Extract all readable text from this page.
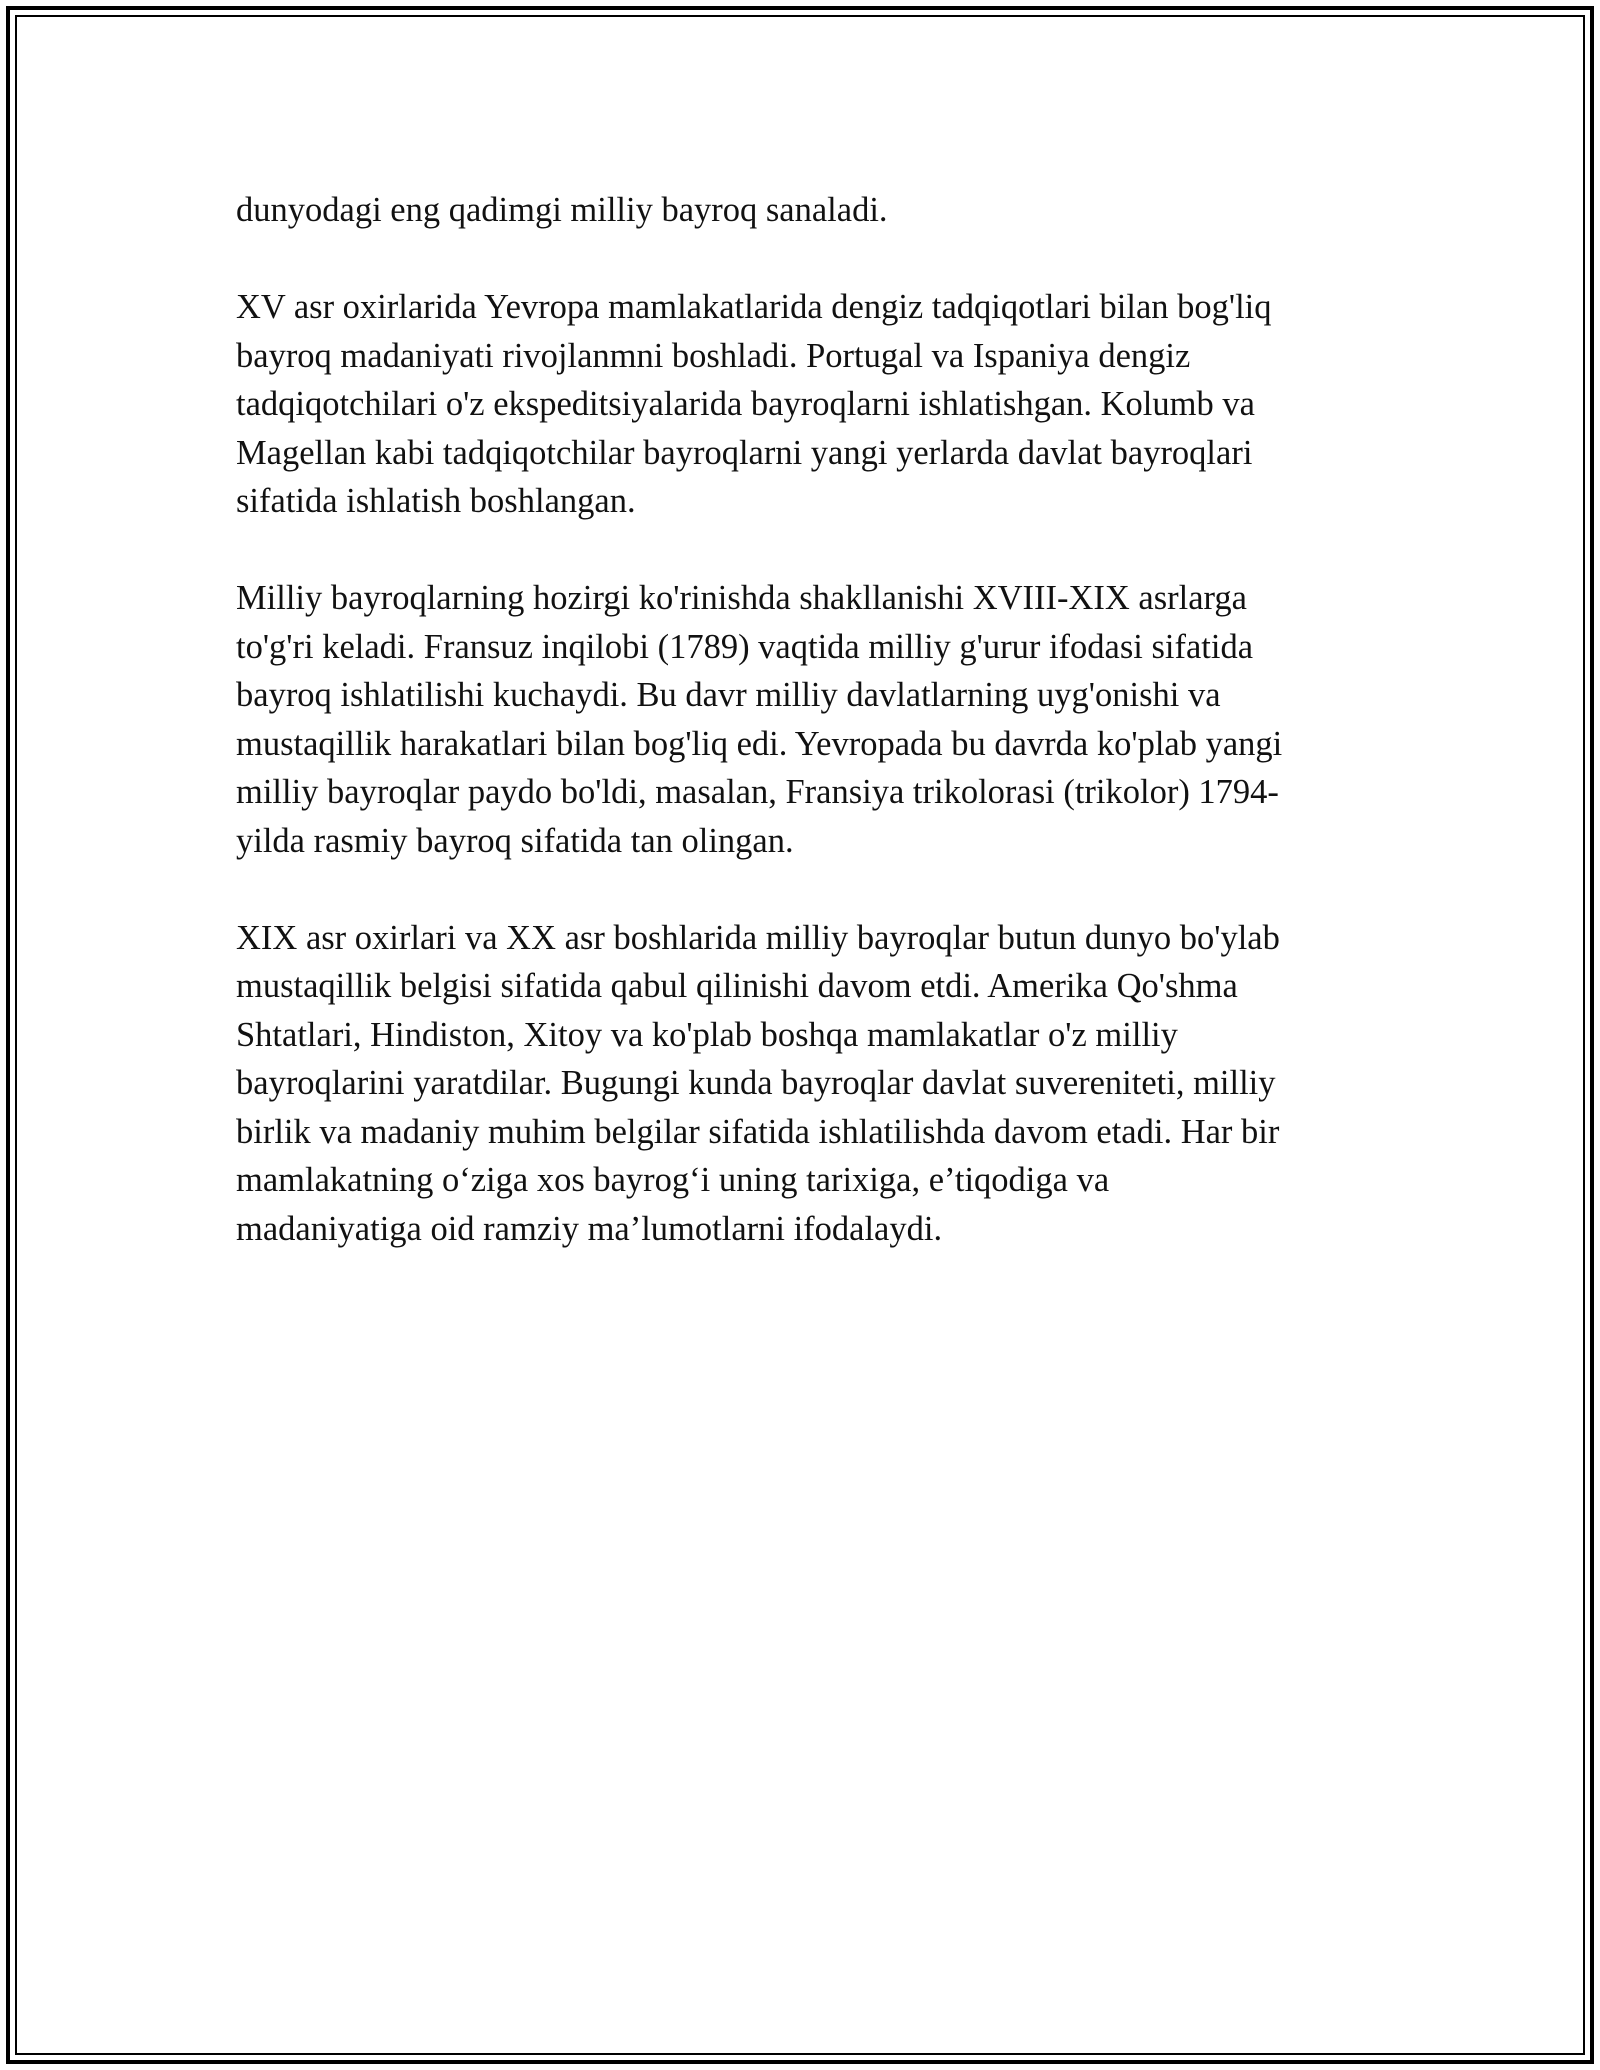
dunyodagi eng qadimgi milliy bayroq sanaladi.

XV asr oxirlarida Yevropa mamlakatlarida dengiz tadqiqotlari bilan bog'liq
bayroq madaniyati rivojlanmni boshladi. Portugal va Ispaniya dengiz
tadqiqotchilari o'z ekspeditsiyalarida bayroqlarni ishlatishgan. Kolumb va
Magellan kabi tadqiqotchilar bayroqlarni yangi yerlarda davlat bayroqlari
sifatida ishlatish boshlangan.

Milliy bayroqlarning hozirgi ko'rinishda shakllanishi XVIII-XIX asrlarga
to'g'ri keladi. Fransuz inqilobi (1789) vaqtida milliy g'urur ifodasi sifatida
bayroq ishlatilishi kuchaydi. Bu davr milliy davlatlarning uyg'onishi va
mustaqillik harakatlari bilan bog'liq edi. Yevropada bu davrda ko'plab yangi
milliy bayroqlar paydo bo'ldi, masalan, Fransiya trikolorasi (trikolor) 1794-
yilda rasmiy bayroq sifatida tan olingan.

XIX asr oxirlari va XX asr boshlarida milliy bayroqlar butun dunyo bo'ylab
mustaqillik belgisi sifatida qabul qilinishi davom etdi. Amerika Qo'shma
Shtatlari, Hindiston, Xitoy va ko'plab boshqa mamlakatlar o'z milliy
bayroqlarini yaratdilar. Bugungi kunda bayroqlar davlat suvereniteti, milliy
birlik va madaniy muhim belgilar sifatida ishlatilishda davom etadi. Har bir
mamlakatning o‘ziga xos bayrog‘i uning tarixiga, e’tiqodiga va
madaniyatiga oid ramziy ma’lumotlarni ifodalaydi.
